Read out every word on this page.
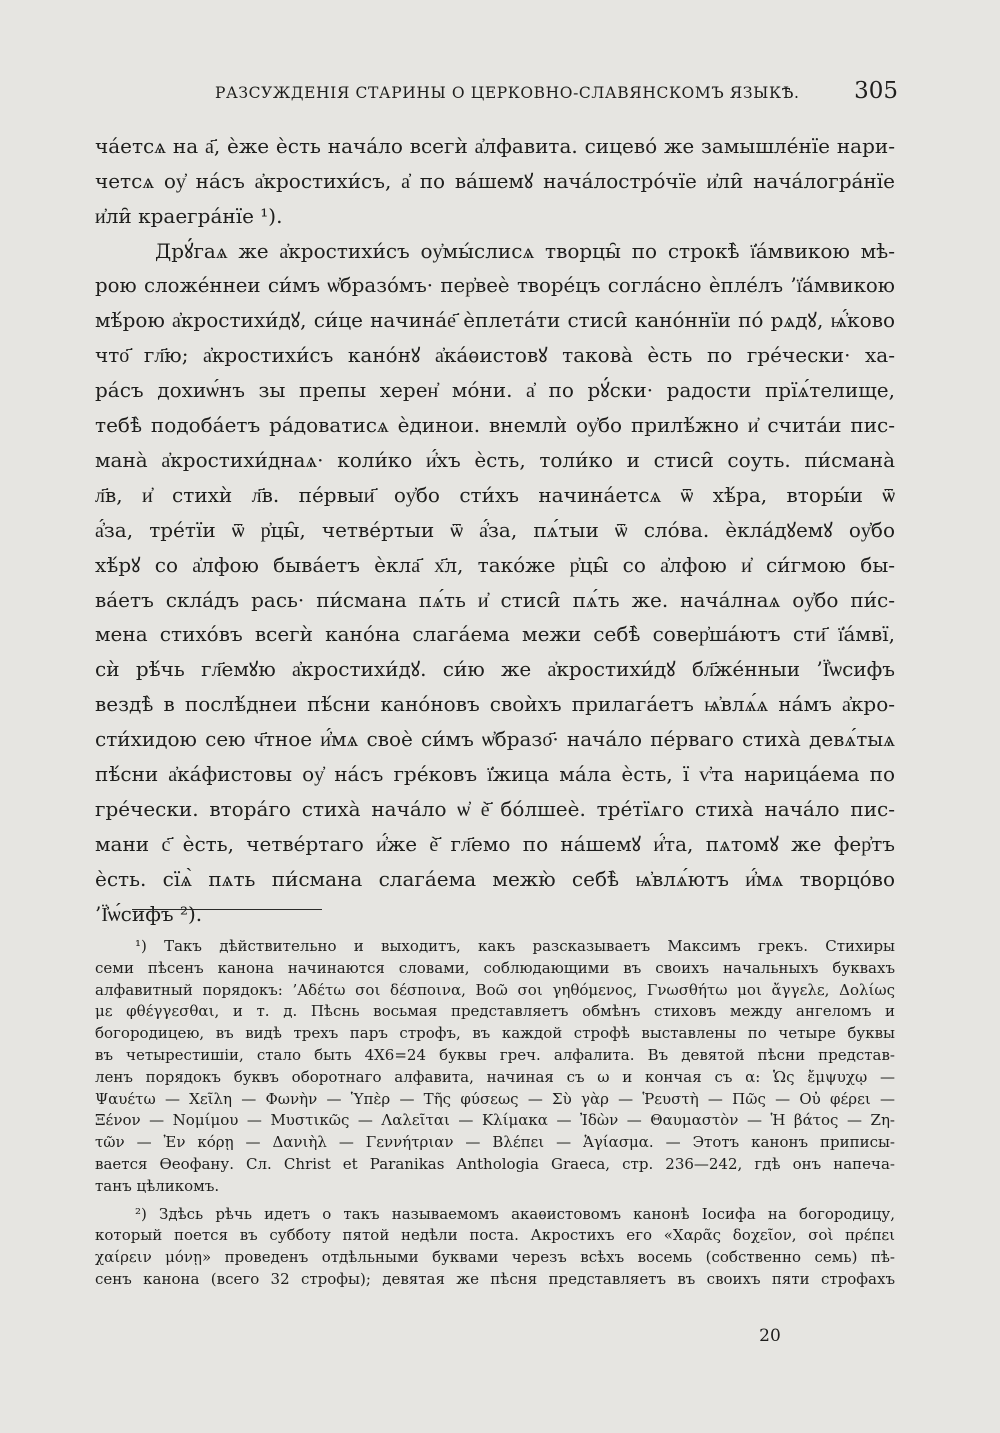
РАЗСУЖДЕНІЯ СТАРИНЫ О ЦЕРКОВНО-СЛАВЯНСКОМЪ ЯЗЫКѢ.	305
чáетсѧ на а҃, ѐже ѐсть начáло всегѝ а҆лфавита. сицевó же замышлéнїе нари-
четсѧ оу҆ нáсъ а҆кростихи́съ, а҆ по вáшемꙋ начáлострóчїе и҆ли̑ начáлогрáнїе
и҆ли̑ краегрáнїе ¹).
Дрꙋ́гаѧ же а҆кростихи́съ оу҆мы́слисѧ творцы̑ по строкѣ̀ ї҆áмвикою мѣ-
рою сложéннеи си́мъ ѡ҆бразóмъ· пер҆веѐ творéцъ соглáсно ѐплéлъ ’ї҆áмвикою
мѣ́рою а҆кростихи́дꙋ, си́це начинáе҃ ѐплетáти стиси̑ канóннїи пó рѧдꙋ, ѩ҆́ково
что҃ гл҃ю; а҆кростихи́съ канóнꙋ а҆кáѳистовꙋ такова̀ ѐсть по грéчески· ха-
рáсъ дохиѡ́нъ зы препы херен҆ мóни. а҆ по рꙋ́ски· радости прїѧ́телище,
тебѣ̀ подобáетъ рáдоватисѧ ѐдинои. внемлѝ оу҆бо прилѣ́жно и҆ считáи пис-
мана̀ а҆кростихи́днаѧ· коли́ко и҆́хъ ѐсть, толи́ко и стиси̑ соуть. пи́смана̀
л҃в, и҆ стихѝ л҃в. пéрвыи҃ оу҆бо сти́хъ начинáетсѧ ѿ хѣ́ра, вторы́и ѿ
а҆́за, трéтїи ѿ р҆цы̑, четвéртыи ѿ а҆́за, пѧ́тыи ѿ слóва. ѐкла́дꙋемꙋ оу҆бо
хѣ́рꙋ со а҆лфою бывáетъ ѐкла҃ х҃л, такóже р҆цы̑ со а҆лфою и҆ си́гмою бы-
вáетъ склáдъ рась· пи́смана пѧ́ть и҆ стиси̑ пѧ́ть же. начáлнаѧ оу҆бо пи́с-
мена стихóвъ всегѝ канóна слагáема межи себѣ̀ совер҆шáютъ сти҃ ї҆áмвї,
сѝ рѣ́чь гл҃емꙋю а҆кростихи́дꙋ. си́ю же а҆кростихи́дꙋ бл҃жéнныи ’Ї҆ѡсифъ
вездѣ̀ в послѣ́днеи пѣ́сни канóновъ своѝхъ прилагáетъ ѩ҆влѧ́ѧ нáмъ а҆кро-
сти́хидою сею ч҃тное и҆́мѧ своѐ си́мъ ѡ҆бразо҃· начáло пéрваго стиха̀ девѧ́тыѧ
пѣ́сни а҆кáфистовы оу҆ нáсъ грéковъ ї҆жица мáла ѐсть, ї ѵ҆та нарицáема по
грéчески. вторáго стиха̀ начáло ѡ҆ ѐ҃ бóлшеѐ. трéтїѧго стиха̀ начáло пис-
мани с҃ ѐсть, четвéртаго и҆́же ѐ҃ гл҃емо по нáшемꙋ и҆́та, пѧтомꙋ же фер҆тъ
ѐсть. сїѧ̀ пѧть пи́смана слагáема межю̀ себѣ̀ ѩ҆влѧ́ютъ и҆́мѧ творцóво
’Ї҆ѡ́сифъ ²).
¹) Такъ дѣйствительно и выходитъ, какъ разсказываетъ Максимъ грекъ. Стихиры
семи пѣсенъ канона начинаются словами, соблюдающими въ своихъ начальныхъ буквахъ
алфавитный порядокъ: ’Αδέτω σοι δέσποινα, Βοῶ σοι γηθόμενος, Γνωσθήτω μοι ἄγγελε, Δολίως
με φθέγγεσθαι, и т. д. Пѣснь восьмая представляетъ обмѣнъ стиховъ между ангеломъ и
богородицею, въ видѣ трехъ паръ строфъ, въ каждой строфѣ выставлены по четыре буквы
въ четырестишіи, стало быть 4X6=24 буквы греч. алфалита. Въ девятой пѣсни представ-
ленъ порядокъ буквъ оборотнаго алфавита, начиная съ ω и кончая съ α: Ὡς ἔμψυχῳ —
Ψαυέτω — Χεῖλη — Φωνὴν — Ὑπὲρ — Τῆς φύσεως — Σὺ γὰρ — Ῥευστὴ — Πῶς — Οὐ φέρει —
Ξένον — Νομίμου — Μυστικῶς — Λαλεῖται — Κλίμακα — Ἰδὼν — Θαυμαστὸν — Ἡ βάτος — Ζη-
τῶν — Ἐν κόρῃ — Δανιὴλ — Γεννήτριαν — Βλέπει — Ἁγίασμα. — Этотъ канонъ приписы-
вается Ѳеофану. Сл. Christ et Paranikas Anthologia Graeca, стр. 236—242, гдѣ онъ напеча-
танъ цѣликомъ.
²) Здѣсь рѣчь идетъ о такъ называемомъ акаѳистовомъ канонѣ Іосифа на богородицу,
который поется въ субботу пятой недѣли поста. Акростихъ его «Χαρᾶς δοχεῖον, σοὶ πρέπει
χαίρειν μόνῃ» проведенъ отдѣльными буквами черезъ всѣхъ восемь (собственно семь) пѣ-
сенъ канона (всего 32 строфы); девятая же пѣсня представляетъ въ своихъ пяти строфахъ
20
